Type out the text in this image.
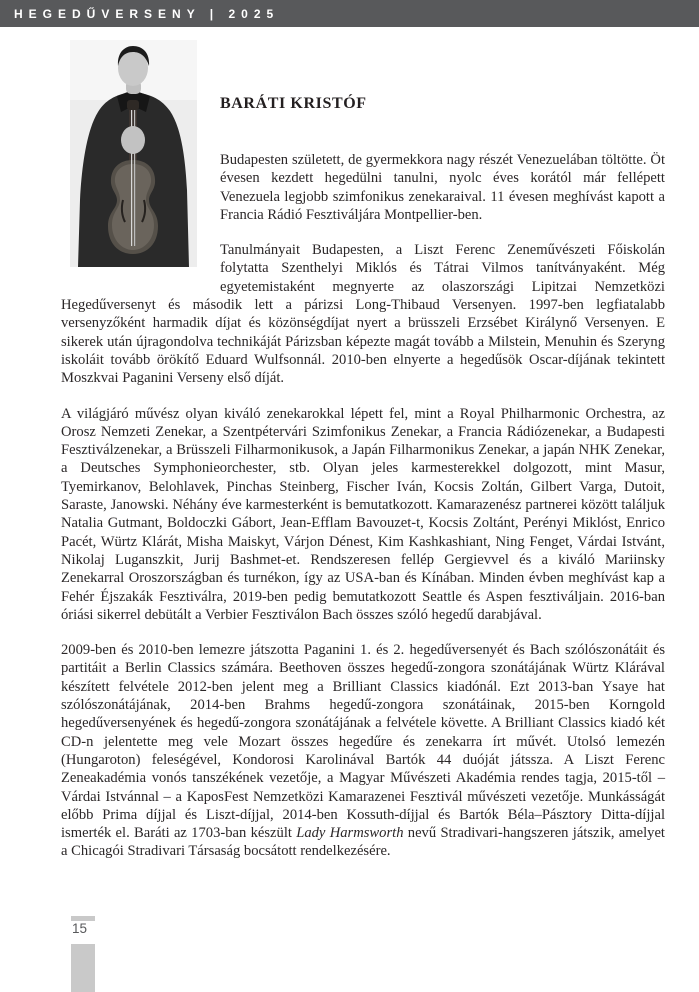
HEGEDŰVERSENY | 2025
BARÁTI KRISTÓF

Budapesten született, de gyermekkora nagy részét Venezuelában töltötte. Öt évesen kezdett hegedülni tanulni, nyolc éves korától már fellépett Venezuela legjobb szimfonikus zenekaraival. 11 évesen meghívást kapott a Francia Rádió Fesztiváljára Montpellier-ben.

Tanulmányait Budapesten, a Liszt Ferenc Zeneművészeti Főiskolán folytatta Szenthelyi Miklós és Tátrai Vilmos tanítványaként. Még egyetemistaként megnyerte az olaszországi Lipitzai Nemzetközi Hegedűversenyt és második lett a párizsi Long-Thibaud Versenyen. 1997-ben legfiatalabb versenyzőként harmadik díjat és közönségdíjat nyert a brüsszeli Erzsébet Királynő Versenyen. E sikerek után újragondolva technikáját Párizsban képezte magát tovább a Milstein, Menuhin és Szeryng iskoláit tovább örökítő Eduard Wulfsonnál. 2010-ben elnyerte a hegedűsök Oscar-díjának tekintett Moszkvai Paganini Verseny első díját.

A világjáró művész olyan kiváló zenekarokkal lépett fel, mint a Royal Philharmonic Orchestra, az Orosz Nemzeti Zenekar, a Szentpétervári Szimfonikus Zenekar, a Francia Rádiózenekar, a Budapesti Fesztiválzenekar, a Brüsszeli Filharmonikusok, a Japán Filharmonikus Zenekar, a japán NHK Zenekar, a Deutsches Symphonieorchester, stb. Olyan jeles karmesterekkel dolgozott, mint Masur, Tyemirkanov, Belohlavek, Pinchas Steinberg, Fischer Iván, Kocsis Zoltán, Gilbert Varga, Dutoit, Saraste, Janowski. Néhány éve karmesterként is bemutatkozott. Kamarazenész partnerei között találjuk Natalia Gutmant, Boldoczki Gábort, Jean-Efflam Bavouzet-t, Kocsis Zoltánt, Perényi Miklóst, Enrico Pacét, Würtz Klárát, Misha Maiskyt, Várjon Dénest, Kim Kashkashiant, Ning Fenget, Várdai Istvánt, Nikolaj Luganszkit, Jurij Bashmet-et. Rendszeresen fellép Gergievvel és a kiváló Mariinsky Zenekarral Oroszországban és turnékon, így az USA-ban és Kínában. Minden évben meghívást kap a Fehér Éjszakák Fesztiválra, 2019-ben pedig bemutatkozott Seattle és Aspen fesztiváljain. 2016-ban óriási sikerrel debütált a Verbier Fesztiválon Bach összes szóló hegedű darabjával.

2009-ben és 2010-ben lemezre játszotta Paganini 1. és 2. hegedűversenyét és Bach szólószonátáit és partitáit a Berlin Classics számára. Beethoven összes hegedű-zongora szonátájának Würtz Klárával készített felvétele 2012-ben jelent meg a Brilliant Classics kiadónál. Ezt 2013-ban Ysaye hat szólószonátájának, 2014-ben Brahms hegedű-zongora szonátáinak, 2015-ben Korngold hegedűversenyének és hegedű-zongora szonátájának a felvétele követte. A Brilliant Classics kiadó két CD-n jelentette meg vele Mozart összes hegedűre és zenekarra írt művét. Utolsó lemezén (Hungaroton) feleségével, Kondorosi Karolinával Bartók 44 duóját játssza. A Liszt Ferenc Zeneakadémia vonós tanszékének vezetője, a Magyar Művészeti Akadémia rendes tagja, 2015-től – Várdai Istvánnal – a KaposFest Nemzetközi Kamarazenei Fesztivál művészeti vezetője. Munkásságát előbb Prima díjjal és Liszt-díjjal, 2014-ben Kossuth-díjjal és Bartók Béla–Pásztory Ditta-díjjal ismerték el. Baráti az 1703-ban készült Lady Harmsworth nevű Stradivari-hangszeren játszik, amelyet a Chicagói Stradivari Társaság bocsátott rendelkezésére.

15
